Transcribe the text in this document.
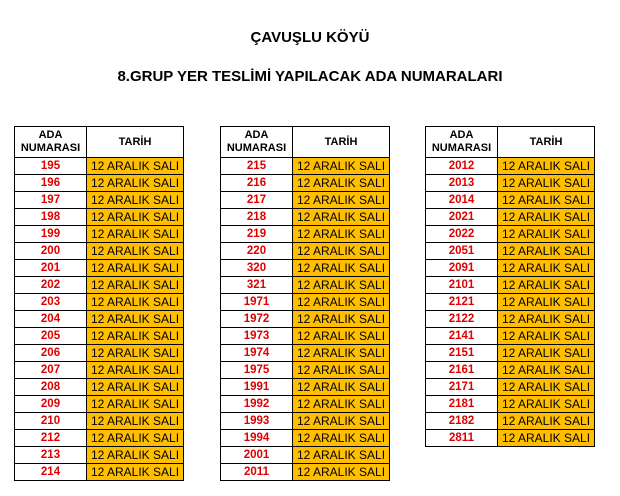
ÇAVUŞLU KÖYÜ
8.GRUP YER TESLİMİ YAPILACAK ADA NUMARALARI
ADA NUMARASI	TARİH
195	12 ARALIK SALI
196	12 ARALIK SALI
197	12 ARALIK SALI
198	12 ARALIK SALI
199	12 ARALIK SALI
200	12 ARALIK SALI
201	12 ARALIK SALI
202	12 ARALIK SALI
203	12 ARALIK SALI
204	12 ARALIK SALI
205	12 ARALIK SALI
206	12 ARALIK SALI
207	12 ARALIK SALI
208	12 ARALIK SALI
209	12 ARALIK SALI
210	12 ARALIK SALI
212	12 ARALIK SALI
213	12 ARALIK SALI
214	12 ARALIK SALI
ADA NUMARASI	TARİH
215	12 ARALIK SALI
216	12 ARALIK SALI
217	12 ARALIK SALI
218	12 ARALIK SALI
219	12 ARALIK SALI
220	12 ARALIK SALI
320	12 ARALIK SALI
321	12 ARALIK SALI
1971	12 ARALIK SALI
1972	12 ARALIK SALI
1973	12 ARALIK SALI
1974	12 ARALIK SALI
1975	12 ARALIK SALI
1991	12 ARALIK SALI
1992	12 ARALIK SALI
1993	12 ARALIK SALI
1994	12 ARALIK SALI
2001	12 ARALIK SALI
2011	12 ARALIK SALI
ADA NUMARASI	TARİH
2012	12 ARALIK SALI
2013	12 ARALIK SALI
2014	12 ARALIK SALI
2021	12 ARALIK SALI
2022	12 ARALIK SALI
2051	12 ARALIK SALI
2091	12 ARALIK SALI
2101	12 ARALIK SALI
2121	12 ARALIK SALI
2122	12 ARALIK SALI
2141	12 ARALIK SALI
2151	12 ARALIK SALI
2161	12 ARALIK SALI
2171	12 ARALIK SALI
2181	12 ARALIK SALI
2182	12 ARALIK SALI
2811	12 ARALIK SALI
